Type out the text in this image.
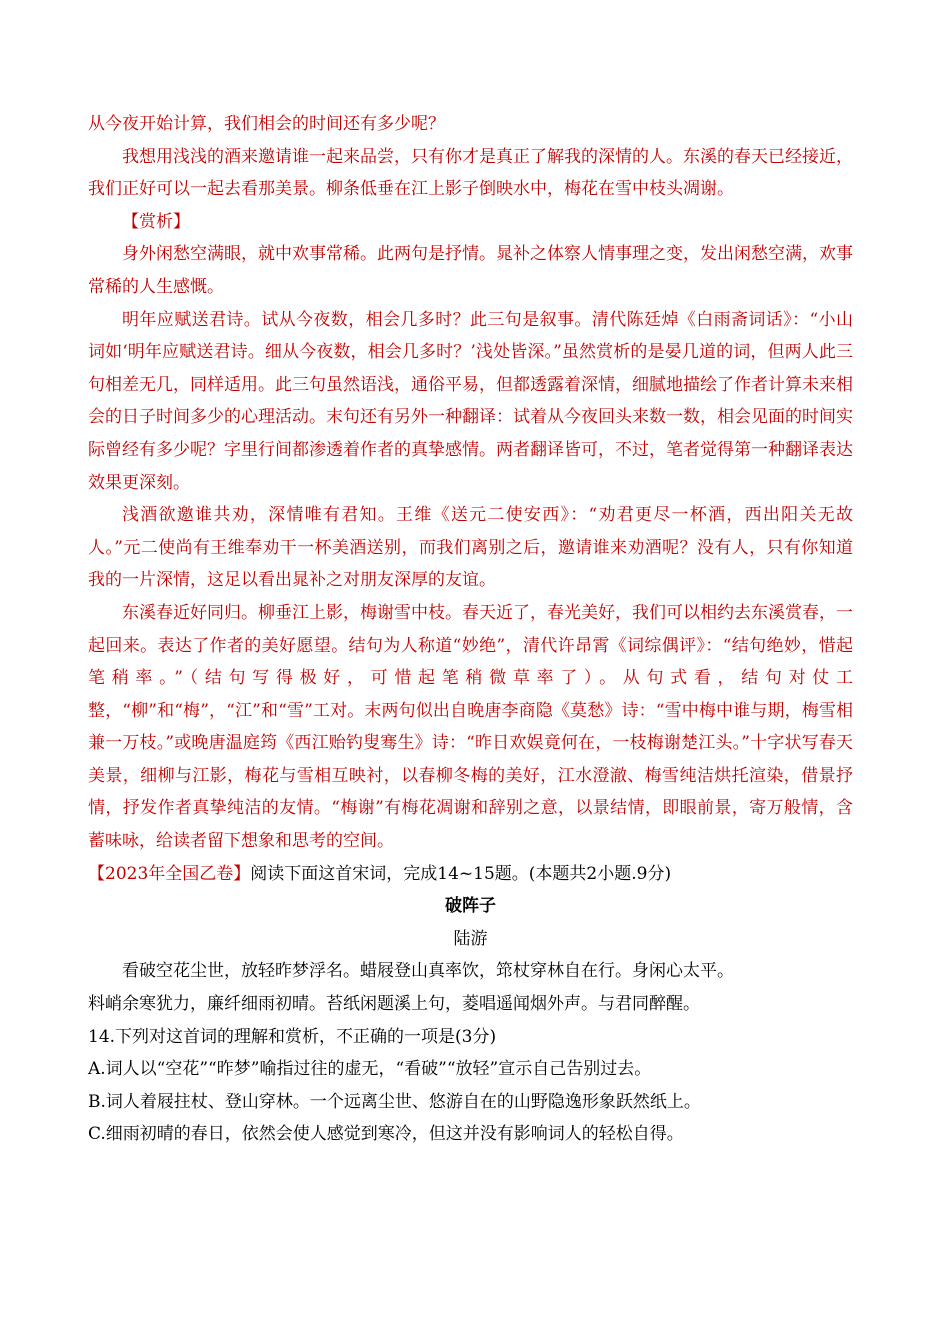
从今夜开始计算，我们相会的时间还有多少呢？

我想用浅浅的酒来邀请谁一起来品尝，只有你才是真正了解我的深情的人。东溪的春天已经接近，我们正好可以一起去看那美景。柳条低垂在江上影子倒映水中，梅花在雪中枝头凋谢。

【赏析】

身外闲愁空满眼，就中欢事常稀。此两句是抒情。晁补之体察人情事理之变，发出闲愁空满，欢事常稀的人生感慨。

明年应赋送君诗。试从今夜数，相会几多时？此三句是叙事。清代陈廷焯《白雨斋词话》：“小山词如‘明年应赋送君诗。细从今夜数，相会几多时？’浅处皆深。”虽然赏析的是晏几道的词，但两人此三句相差无几，同样适用。此三句虽然语浅，通俗平易，但都透露着深情，细腻地描绘了作者计算未来相会的日子时间多少的心理活动。末句还有另外一种翻译：试着从今夜回头来数一数，相会见面的时间实际曾经有多少呢？字里行间都渗透着作者的真挚感情。两者翻译皆可，不过，笔者觉得第一种翻译表达效果更深刻。

浅酒欲邀谁共劝，深情唯有君知。王维《送元二使安西》：“劝君更尽一杯酒，西出阳关无故人。”元二使尚有王维奉劝干一杯美酒送别，而我们离别之后，邀请谁来劝酒呢？没有人，只有你知道我的一片深情，这足以看出晁补之对朋友深厚的友谊。

东溪春近好同归。柳垂江上影，梅谢雪中枝。春天近了，春光美好，我们可以相约去东溪赏春，一起回来。表达了作者的美好愿望。结句为人称道“妙绝”，清代许昂霄《词综偶评》：“结句绝妙，惜起笔稍率。”（结句写得极好，可惜起笔稍微草率了）。从句式看，结句对仗工整，“柳”和“梅”，“江”和“雪”工对。末两句似出自晚唐李商隐《莫愁》诗：“雪中梅中谁与期，梅雪相兼一万枝。”或晚唐温庭筠《西江贻钓叟骞生》诗：“昨日欢娱竟何在，一枝梅谢楚江头。”十字状写春天美景，细柳与江影，梅花与雪相互映衬，以春柳冬梅的美好，江水澄澈、梅雪纯洁烘托渲染，借景抒情，抒发作者真挚纯洁的友情。“梅谢”有梅花凋谢和辞别之意，以景结情，即眼前景，寄万般情，含蓄味咏，给读者留下想象和思考的空间。

【2023年全国乙卷】阅读下面这首宋词，完成14~15题。(本题共2小题.9分)

破阵子

陆游

看破空花尘世，放轻昨梦浮名。蜡屐登山真率饮，筇杖穿林自在行。身闲心太平。

料峭余寒犹力，廉纤细雨初晴。苔纸闲题溪上句，菱唱遥闻烟外声。与君同醉醒。

14.下列对这首词的理解和赏析，不正确的一项是(3分)

A.词人以“空花”“昨梦”喻指过往的虚无，“看破”“放轻”宣示自己告别过去。

B.词人着屐拄杖、登山穿林。一个远离尘世、悠游自在的山野隐逸形象跃然纸上。

C.细雨初晴的春日，依然会使人感觉到寒冷，但这并没有影响词人的轻松自得。
